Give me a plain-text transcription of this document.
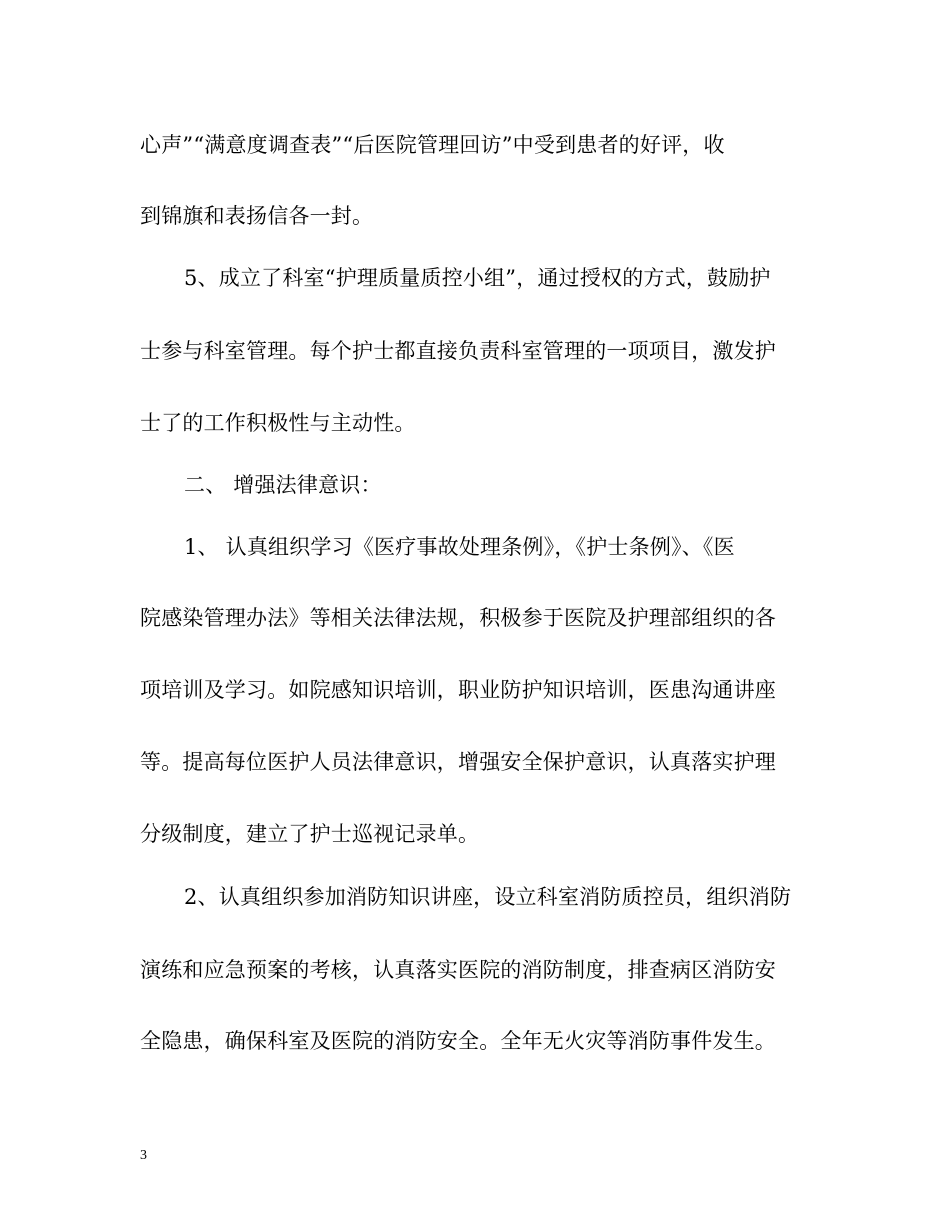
心声”“满意度调查表”“后医院管理回访”中受到患者的好评，收
到锦旗和表扬信各一封。
5、成立了科室“护理质量质控小组”，通过授权的方式，鼓励护
士参与科室管理。每个护士都直接负责科室管理的一项项目，激发护
士了的工作积极性与主动性。
二、 增强法律意识：
1、 认真组织学习《医疗事故处理条例》，《护士条例》、《医
院感染管理办法》等相关法律法规，积极参于医院及护理部组织的各
项培训及学习。如院感知识培训，职业防护知识培训，医患沟通讲座
等。提高每位医护人员法律意识，增强安全保护意识，认真落实护理
分级制度，建立了护士巡视记录单。
2、认真组织参加消防知识讲座，设立科室消防质控员，组织消防
演练和应急预案的考核，认真落实医院的消防制度，排查病区消防安
全隐患，确保科室及医院的消防安全。全年无火灾等消防事件发生。
3
